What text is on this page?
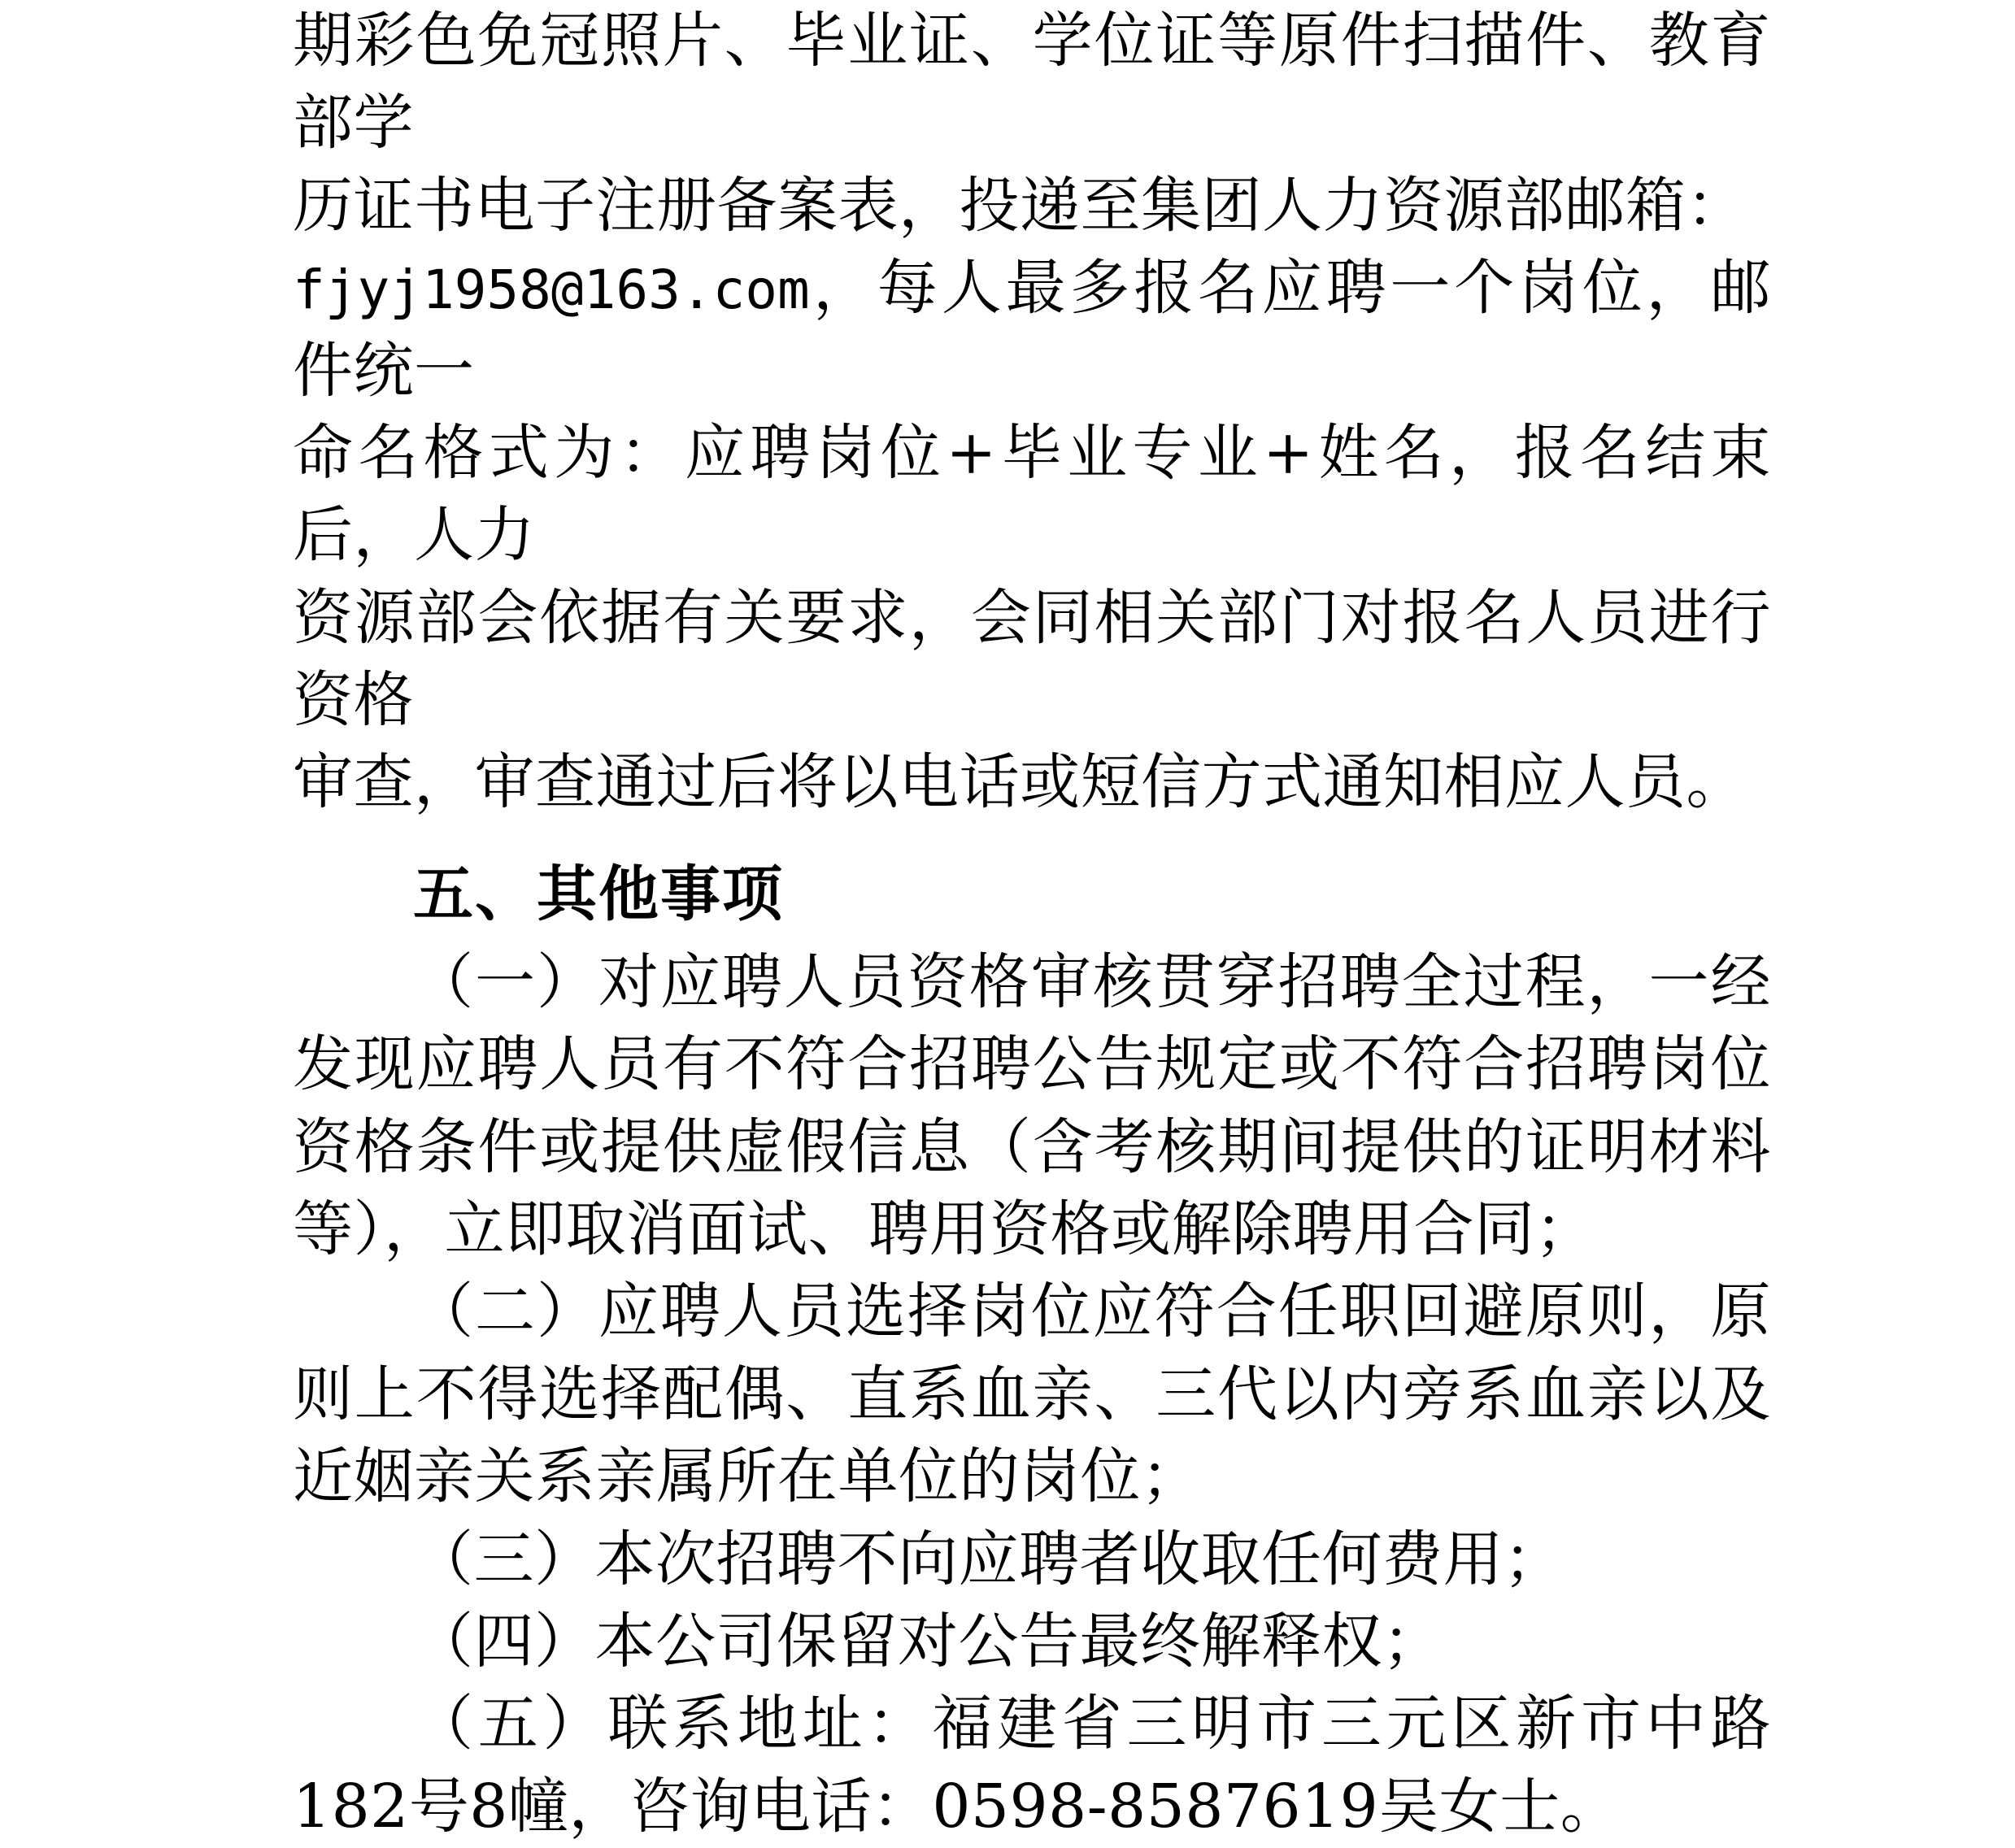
期彩色免冠照片、毕业证、学位证等原件扫描件、教育部学

历证书电子注册备案表，投递至集团人力资源部邮箱：

fjyj1958@163.com，每人最多报名应聘一个岗位，邮件统一

命名格式为：应聘岗位+毕业专业+姓名，报名结束后，人力

资源部会依据有关要求，会同相关部门对报名人员进行资格

审查，审查通过后将以电话或短信方式通知相应人员。

五、其他事项

（一）对应聘人员资格审核贯穿招聘全过程，一经发现应聘人员有不符合招聘公告规定或不符合招聘岗位资格条件或提供虚假信息（含考核期间提供的证明材料等），立即取消面试、聘用资格或解除聘用合同；

（二）应聘人员选择岗位应符合任职回避原则，原则上不得选择配偶、直系血亲、三代以内旁系血亲以及近姻亲关系亲属所在单位的岗位；

（三）本次招聘不向应聘者收取任何费用；

（四）本公司保留对公告最终解释权；

（五）联系地址：福建省三明市三元区新市中路182号8幢，咨询电话：0598-8587619吴女士。
